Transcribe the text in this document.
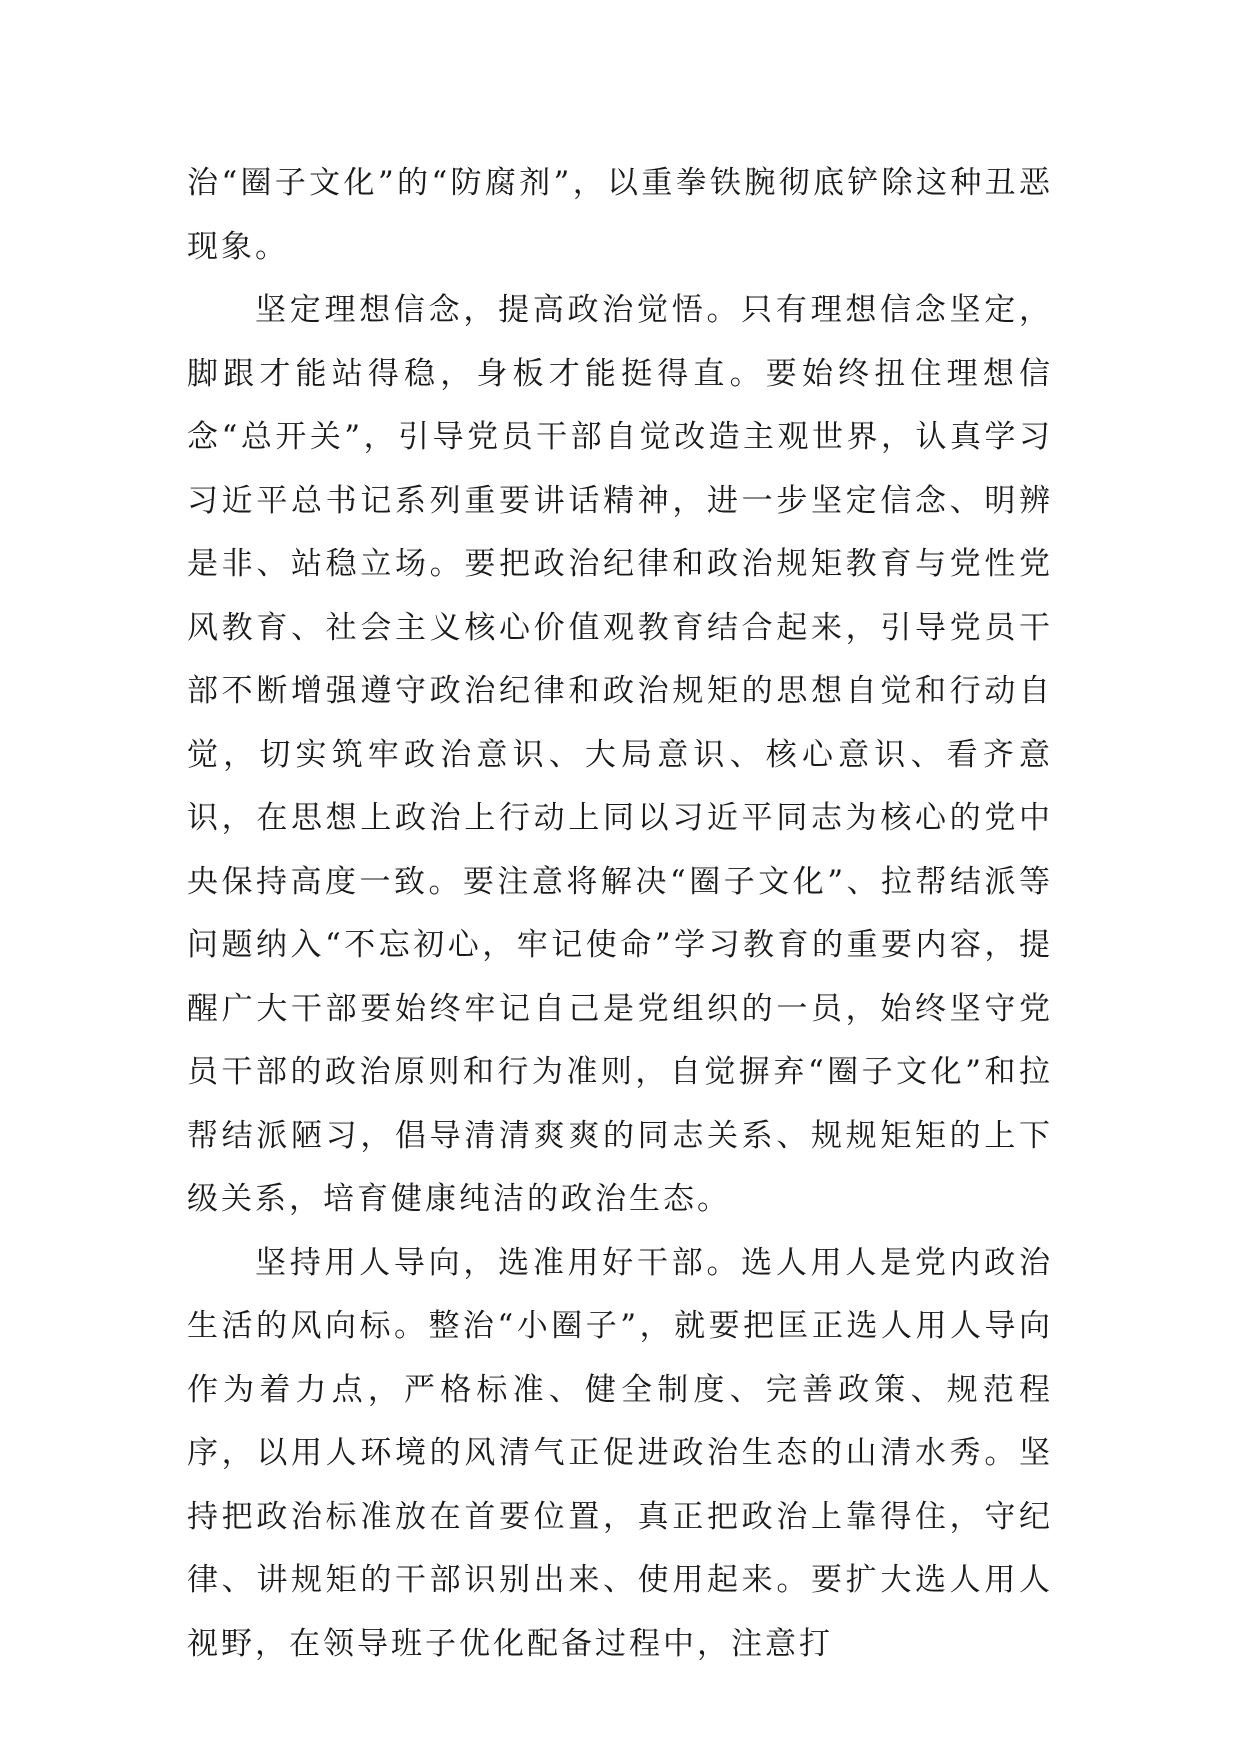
治“圈子文化”的“防腐剂”，以重拳铁腕彻底铲除这种丑恶现象。

坚定理想信念，提高政治觉悟。只有理想信念坚定，脚跟才能站得稳，身板才能挺得直。要始终扭住理想信念“总开关”，引导党员干部自觉改造主观世界，认真学习习近平总书记系列重要讲话精神，进一步坚定信念、明辨是非、站稳立场。要把政治纪律和政治规矩教育与党性党风教育、社会主义核心价值观教育结合起来，引导党员干部不断增强遵守政治纪律和政治规矩的思想自觉和行动自觉，切实筑牢政治意识、大局意识、核心意识、看齐意识，在思想上政治上行动上同以习近平同志为核心的党中央保持高度一致。要注意将解决“圈子文化”、拉帮结派等问题纳入“不忘初心，牢记使命”学习教育的重要内容，提醒广大干部要始终牢记自己是党组织的一员，始终坚守党员干部的政治原则和行为准则，自觉摒弃“圈子文化”和拉帮结派陋习，倡导清清爽爽的同志关系、规规矩矩的上下级关系，培育健康纯洁的政治生态。

坚持用人导向，选准用好干部。选人用人是党内政治生活的风向标。整治“小圈子”，就要把匡正选人用人导向作为着力点，严格标准、健全制度、完善政策、规范程序，以用人环境的风清气正促进政治生态的山清水秀。坚持把政治标准放在首要位置，真正把政治上靠得住，守纪律、讲规矩的干部识别出来、使用起来。要扩大选人用人视野，在领导班子优化配备过程中，注意打
